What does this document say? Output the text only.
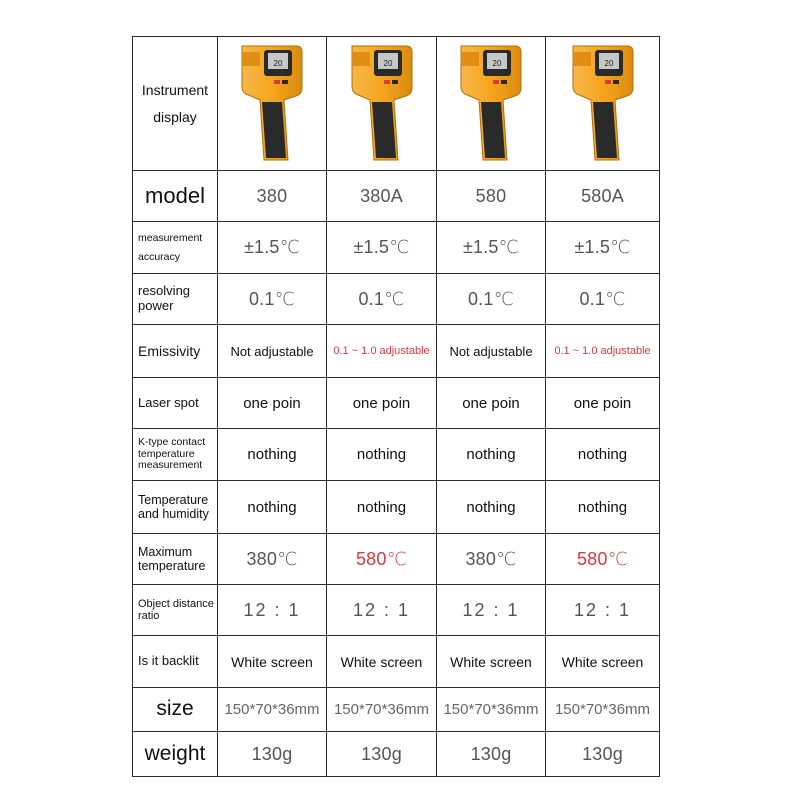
Instrument display	20	20	20	20

model	380	380A	580	580A
measurement accuracy	±1.5℃	±1.5℃	±1.5℃	±1.5℃
resolving power	0.1℃	0.1℃	0.1℃	0.1℃
Emissivity	Not adjustable	0.1 ~ 1.0 adjustable	Not adjustable	0.1 ~ 1.0 adjustable
Laser spot	one poin	one poin	one poin	one poin
K-type contact temperature measurement	nothing	nothing	nothing	nothing
Temperature and humidity	nothing	nothing	nothing	nothing
Maximum temperature	380℃	580℃	380℃	580℃
Object distance ratio	12 : 1	12 : 1	12 : 1	12 : 1
Is it backlit	White screen	White screen	White screen	White screen
size	150*70*36mm	150*70*36mm	150*70*36mm	150*70*36mm
weight	130g	130g	130g	130g
